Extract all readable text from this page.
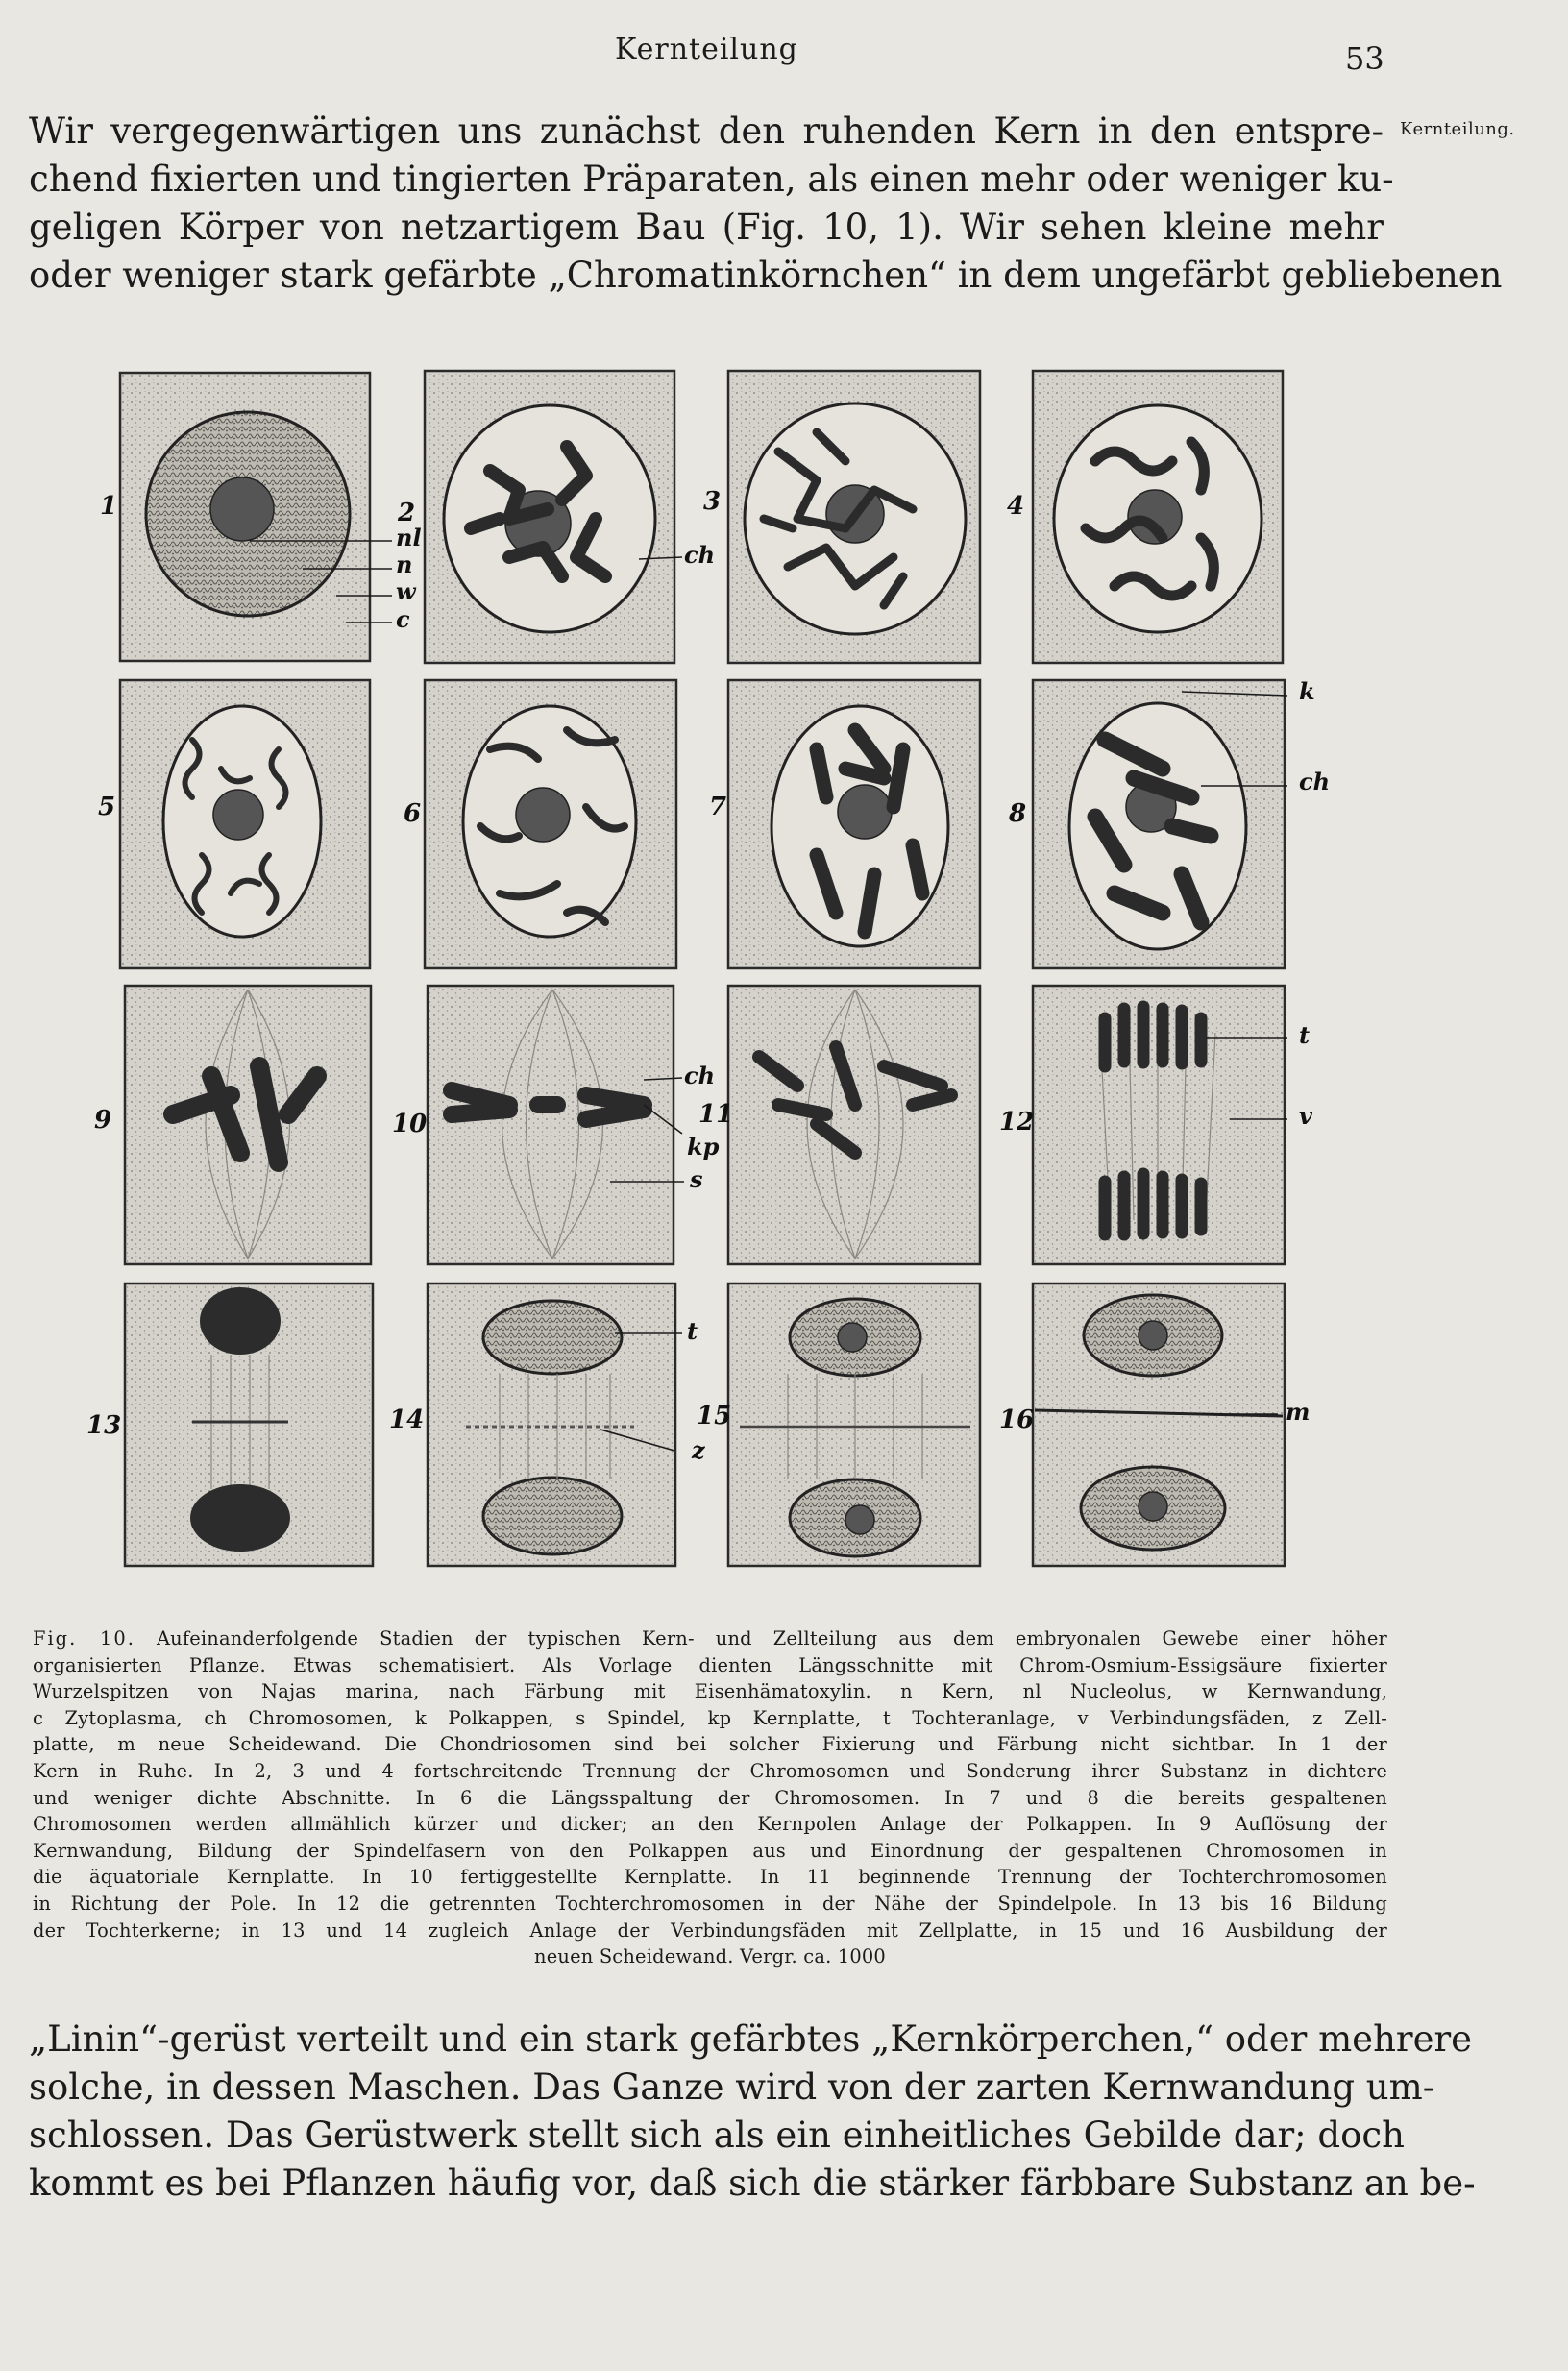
Kernteilung	53
Kernteilung.

Wir vergegenwärtigen uns zunächst den ruhenden Kern in den entspre-
chend fixierten und tingierten Präparaten, als einen mehr oder weniger ku-
geligen Körper von netzartigem Bau (Fig. 10, 1). Wir sehen kleine mehr
oder weniger stark gefärbte „Chromatinkörnchen“ in dem ungefärbt gebliebenen

1	2	3	4
5	6	7	8
9	10	11	12
13	14	15	16
nl
n
w
c
ch
k
ch
t
v
ch
kp
s
t
z
m
Fig. 10. Aufeinanderfolgende Stadien der typischen Kern- und Zellteilung aus dem embryonalen Gewebe einer höher
organisierten Pflanze. Etwas schematisiert. Als Vorlage dienten Längsschnitte mit Chrom-Osmium-Essigsäure fixierter
Wurzelspitzen von Najas marina, nach Färbung mit Eisenhämatoxylin. n Kern, nl Nucleolus, w Kernwandung,
c Zytoplasma, ch Chromosomen, k Polkappen, s Spindel, kp Kernplatte, t Tochteranlage, v Verbindungsfäden, z Zell-
platte, m neue Scheidewand. Die Chondriosomen sind bei solcher Fixierung und Färbung nicht sichtbar. In 1 der
Kern in Ruhe. In 2, 3 und 4 fortschreitende Trennung der Chromosomen und Sonderung ihrer Substanz in dichtere
und weniger dichte Abschnitte. In 6 die Längsspaltung der Chromosomen. In 7 und 8 die bereits gespaltenen
Chromosomen werden allmählich kürzer und dicker; an den Kernpolen Anlage der Polkappen. In 9 Auflösung der
Kernwandung, Bildung der Spindelfasern von den Polkappen aus und Einordnung der gespaltenen Chromosomen in
die äquatoriale Kernplatte. In 10 fertiggestellte Kernplatte. In 11 beginnende Trennung der Tochterchromosomen
in Richtung der Pole. In 12 die getrennten Tochterchromosomen in der Nähe der Spindelpole. In 13 bis 16 Bildung
der Tochterkerne; in 13 und 14 zugleich Anlage der Verbindungsfäden mit Zellplatte, in 15 und 16 Ausbildung der
neuen Scheidewand. Vergr. ca. 1000

„Linin“-gerüst verteilt und ein stark gefärbtes „Kernkörperchen,“ oder mehrere
solche, in dessen Maschen. Das Ganze wird von der zarten Kernwandung um-
schlossen. Das Gerüstwerk stellt sich als ein einheitliches Gebilde dar; doch
kommt es bei Pflanzen häufig vor, daß sich die stärker färbbare Substanz an be-
